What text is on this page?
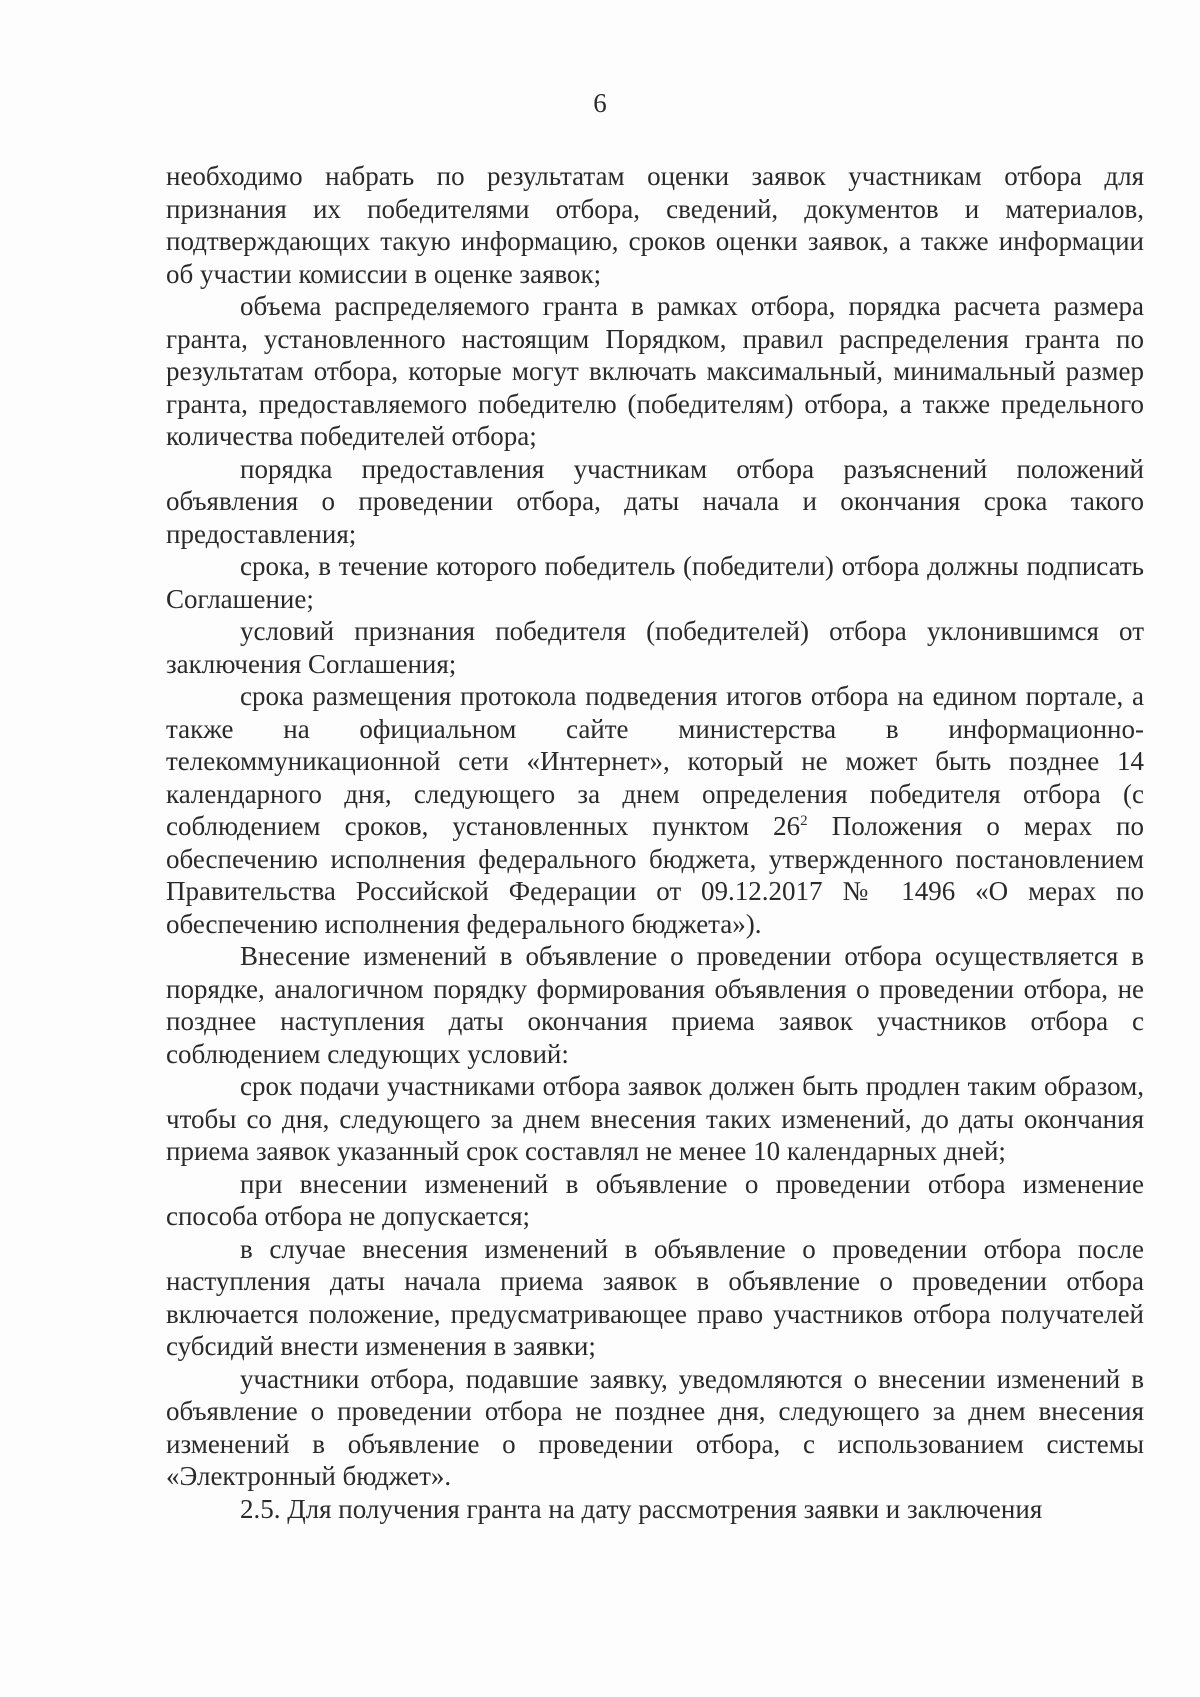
6

необходимо набрать по результатам оценки заявок участникам отбора для признания их победителями отбора, сведений, документов и материалов, подтверждающих такую информацию, сроков оценки заявок, а также информации об участии комиссии в оценке заявок;

объема распределяемого гранта в рамках отбора, порядка расчета размера гранта, установленного настоящим Порядком, правил распределения гранта по результатам отбора, которые могут включать максимальный, минимальный размер гранта, предоставляемого победителю (победителям) отбора, а также предельного количества победителей отбора;

порядка предоставления участникам отбора разъяснений положений объявления о проведении отбора, даты начала и окончания срока такого предоставления;

срока, в течение которого победитель (победители) отбора должны подписать Соглашение;

условий признания победителя (победителей) отбора уклонившимся от заключения Соглашения;

срока размещения протокола подведения итогов отбора на едином портале, а также на официальном сайте министерства в информационно-телекоммуникационной сети «Интернет», который не может быть позднее 14 календарного дня, следующего за днем определения победителя отбора (с соблюдением сроков, установленных пунктом $26^2$ Положения о мерах по обеспечению исполнения федерального бюджета, утвержденного постановлением Правительства Российской Федерации от 09.12.2017 № 1496 «О мерах по обеспечению исполнения федерального бюджета»).

Внесение изменений в объявление о проведении отбора осуществляется в порядке, аналогичном порядку формирования объявления о проведении отбора, не позднее наступления даты окончания приема заявок участников отбора с соблюдением следующих условий:

срок подачи участниками отбора заявок должен быть продлен таким образом, чтобы со дня, следующего за днем внесения таких изменений, до даты окончания приема заявок указанный срок составлял не менее 10 календарных дней;

при внесении изменений в объявление о проведении отбора изменение способа отбора не допускается;

в случае внесения изменений в объявление о проведении отбора после наступления даты начала приема заявок в объявление о проведении отбора включается положение, предусматривающее право участников отбора получателей субсидий внести изменения в заявки;

участники отбора, подавшие заявку, уведомляются о внесении изменений в объявление о проведении отбора не позднее дня, следующего за днем внесения изменений в объявление о проведении отбора, с использованием системы «Электронный бюджет».

2.5. Для получения гранта на дату рассмотрения заявки и заключения
